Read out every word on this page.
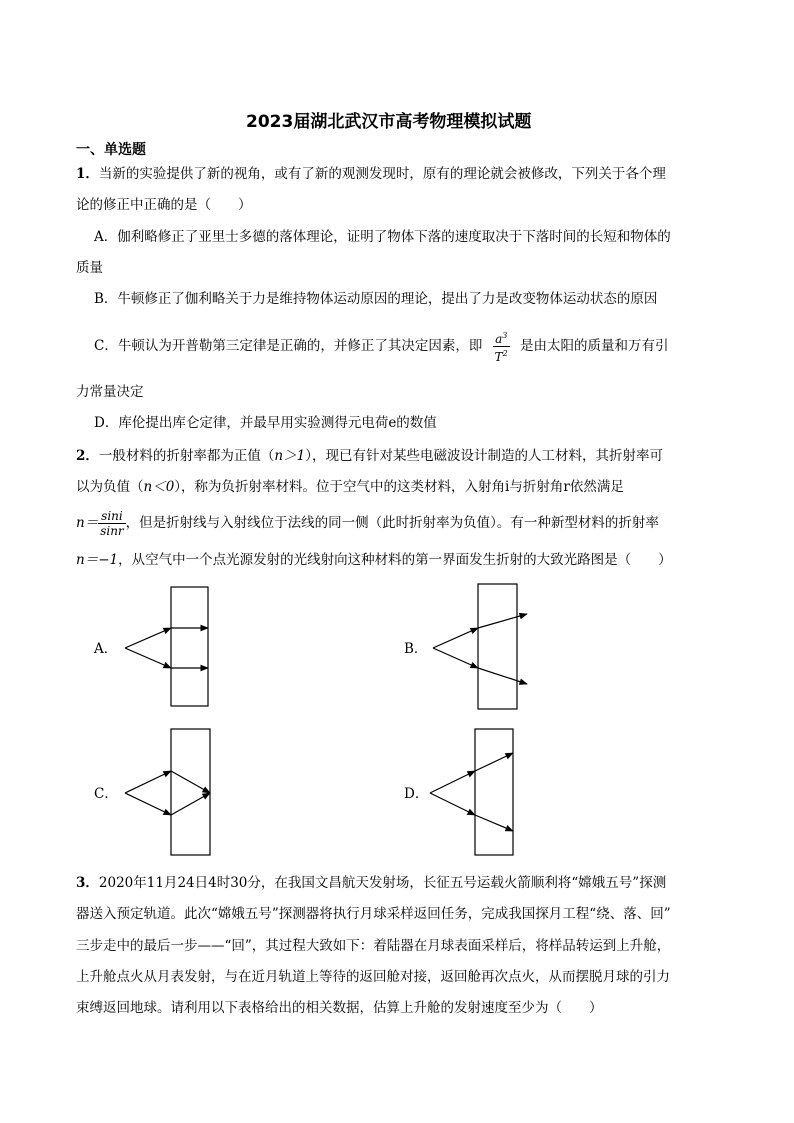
2023届湖北武汉市高考物理模拟试题
一、单选题
1．当新的实验提供了新的视角，或有了新的观测发现时，原有的理论就会被修改，下列关于各个理
论的修正中正确的是（　　）
A．伽利略修正了亚里士多德的落体理论，证明了物体下落的速度取决于下落时间的长短和物体的
质量
B．牛顿修正了伽利略关于力是维持物体运动原因的理论，提出了力是改变物体运动状态的原因
C．牛顿认为开普勒第三定律是正确的，并修正了其决定因素，即 $\frac{a^3}{T^2}$ 是由太阳的质量和万有引
力常量决定
D．库伦提出库仑定律，并最早用实验测得元电荷e的数值
2．一般材料的折射率都为正值（n＞1），现已有针对某些电磁波设计制造的人工材料，其折射率可
以为负值（n＜0），称为负折射率材料。位于空气中的这类材料，入射角i与折射角r依然满足
$n= \frac{\sin i}{\sin r}$ ，但是折射线与入射线位于法线的同一侧（此时折射率为负值）。有一种新型材料的折射率
n＝−1，从空气中一个点光源发射的光线射向这种材料的第一界面发生折射的大致光路图是（　　）
A．	B．
C．	D．
3．2020年11月24日4时30分，在我国文昌航天发射场，长征五号运载火箭顺利将“嫦娥五号”探测
器送入预定轨道。此次“嫦娥五号”探测器将执行月球采样返回任务，完成我国探月工程“绕、落、回”
三步走中的最后一步——“回”，其过程大致如下：着陆器在月球表面采样后，将样品转运到上升舱，
上升舱点火从月表发射，与在近月轨道上等待的返回舱对接，返回舱再次点火，从而摆脱月球的引力
束缚返回地球。请利用以下表格给出的相关数据，估算上升舱的发射速度至少为（　　）
